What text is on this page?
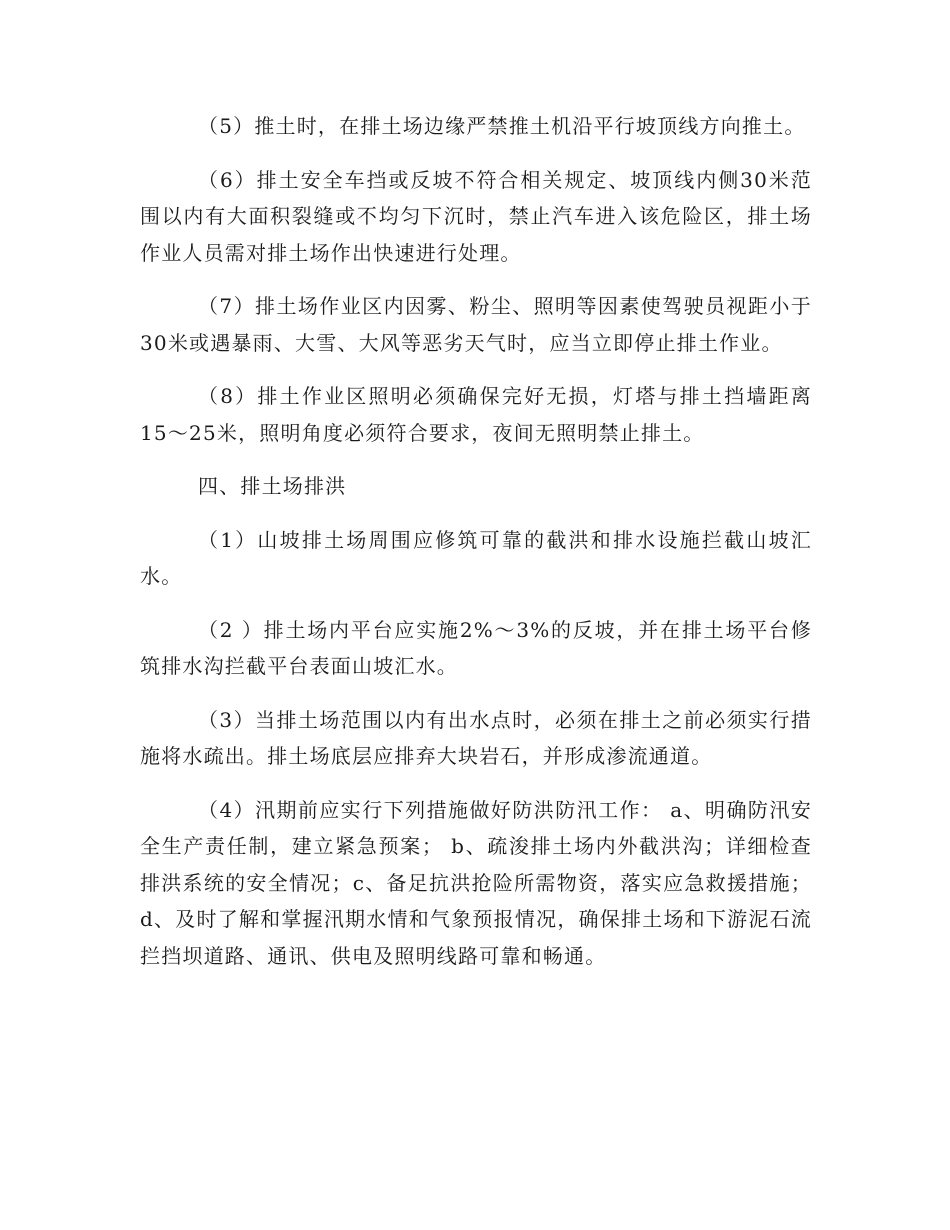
（5）推土时，在排土场边缘严禁推土机沿平行坡顶线方向推土。

（6）排土安全车挡或反坡不符合相关规定、坡顶线内侧30米范围以内有大面积裂缝或不均匀下沉时，禁止汽车进入该危险区，排土场作业人员需对排土场作出快速进行处理。

（7）排土场作业区内因雾、粉尘、照明等因素使驾驶员视距小于30米或遇暴雨、大雪、大风等恶劣天气时，应当立即停止排土作业。

（8）排土作业区照明必须确保完好无损，灯塔与排土挡墙距离15～25米，照明角度必须符合要求，夜间无照明禁止排土。

四、排土场排洪

（1）山坡排土场周围应修筑可靠的截洪和排水设施拦截山坡汇水。

（2 ）排土场内平台应实施2%～3%的反坡，并在排土场平台修筑排水沟拦截平台表面山坡汇水。

（3）当排土场范围以内有出水点时，必须在排土之前必须实行措施将水疏出。排土场底层应排弃大块岩石，并形成渗流通道。

（4）汛期前应实行下列措施做好防洪防汛工作： a、明确防汛安全生产责任制，建立紧急预案； b、疏浚排土场内外截洪沟；详细检查排洪系统的安全情况；c、备足抗洪抢险所需物资，落实应急救援措施；d、及时了解和掌握汛期水情和气象预报情况，确保排土场和下游泥石流拦挡坝道路、通讯、供电及照明线路可靠和畅通。
